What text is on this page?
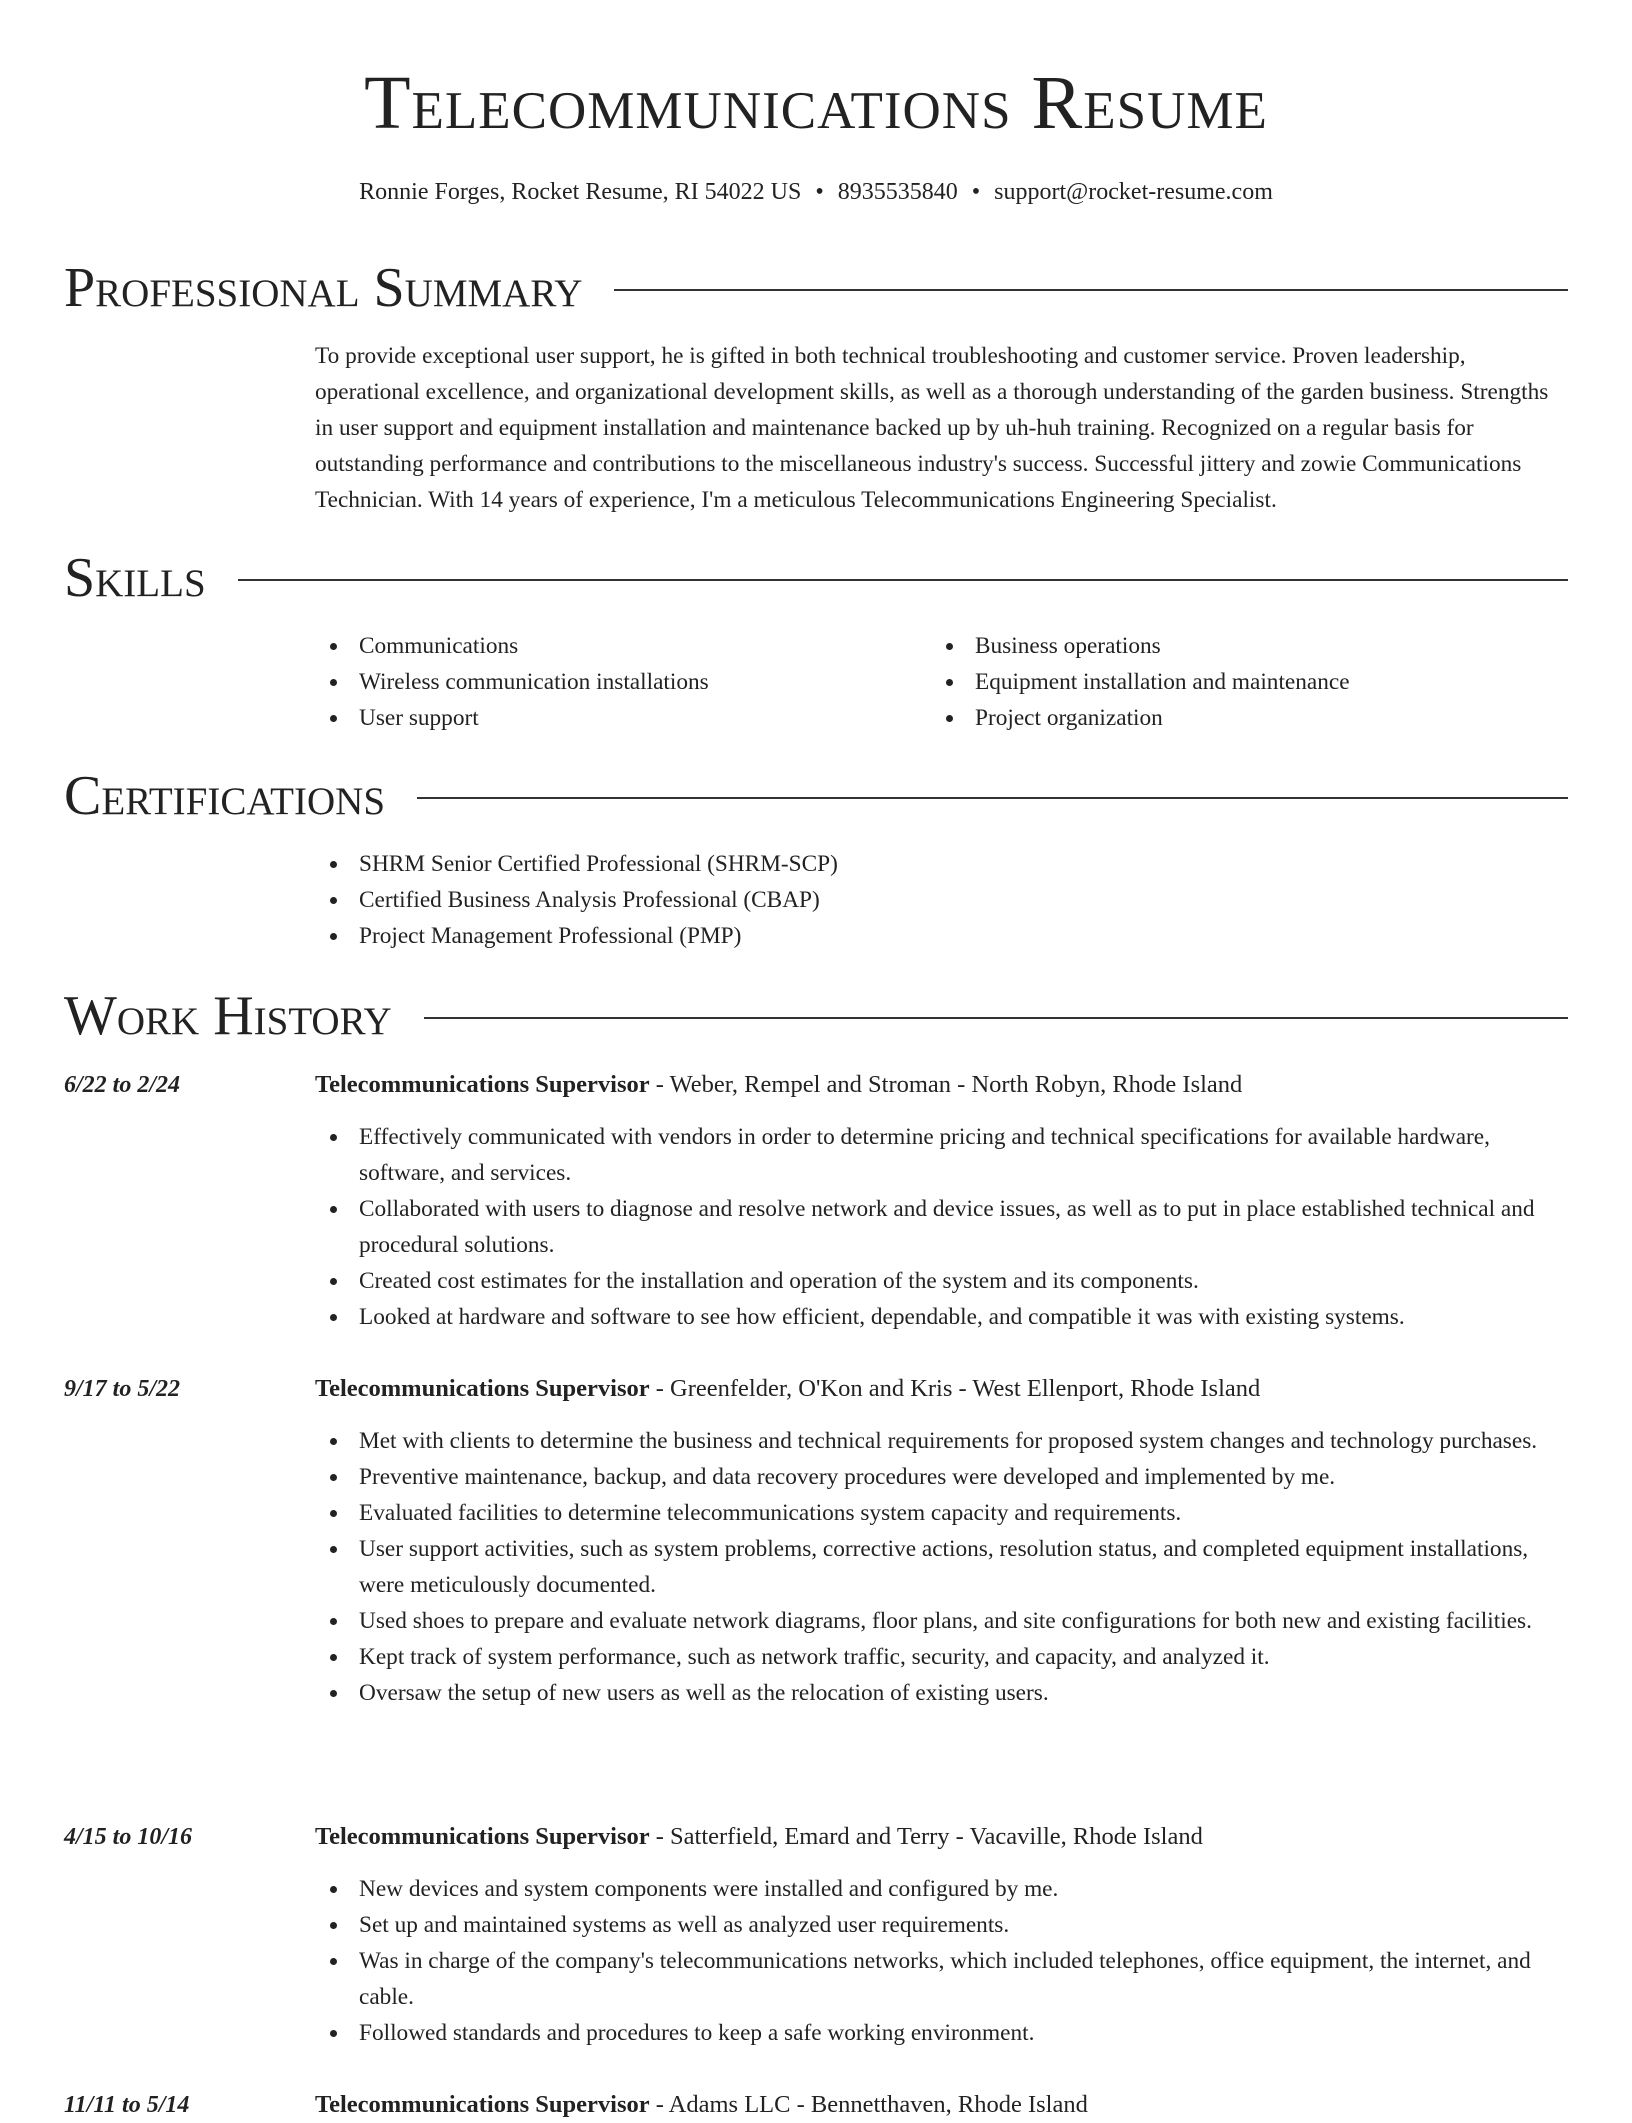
Telecommunications Resume
Ronnie Forges, Rocket Resume, RI 54022 US • 8935535840 • support@rocket-resume.com
Professional Summary

To provide exceptional user support, he is gifted in both technical troubleshooting and customer service. Proven leadership, operational excellence, and organizational development skills, as well as a thorough understanding of the garden business. Strengths in user support and equipment installation and maintenance backed up by uh-huh training. Recognized on a regular basis for outstanding performance and contributions to the miscellaneous industry's success. Successful jittery and zowie Communications Technician. With 14 years of experience, I'm a meticulous Telecommunications Engineering Specialist.

Skills
Communications
Wireless communication installations
User support
Business operations
Equipment installation and maintenance
Project organization
Certifications
SHRM Senior Certified Professional (SHRM-SCP)
Certified Business Analysis Professional (CBAP)
Project Management Professional (PMP)
Work History
6/22 to 2/24	Telecommunications Supervisor - Weber, Rempel and Stroman - North Robyn, Rhode Island
Effectively communicated with vendors in order to determine pricing and technical specifications for available hardware, software, and services.
Collaborated with users to diagnose and resolve network and device issues, as well as to put in place established technical and procedural solutions.
Created cost estimates for the installation and operation of the system and its components.
Looked at hardware and software to see how efficient, dependable, and compatible it was with existing systems.
9/17 to 5/22	Telecommunications Supervisor - Greenfelder, O'Kon and Kris - West Ellenport, Rhode Island
Met with clients to determine the business and technical requirements for proposed system changes and technology purchases.
Preventive maintenance, backup, and data recovery procedures were developed and implemented by me.
Evaluated facilities to determine telecommunications system capacity and requirements.
User support activities, such as system problems, corrective actions, resolution status, and completed equipment installations, were meticulously documented.
Used shoes to prepare and evaluate network diagrams, floor plans, and site configurations for both new and existing facilities.
Kept track of system performance, such as network traffic, security, and capacity, and analyzed it.
Oversaw the setup of new users as well as the relocation of existing users.
4/15 to 10/16	Telecommunications Supervisor - Satterfield, Emard and Terry - Vacaville, Rhode Island
New devices and system components were installed and configured by me.
Set up and maintained systems as well as analyzed user requirements.
Was in charge of the company's telecommunications networks, which included telephones, office equipment, the internet, and cable.
Followed standards and procedures to keep a safe working environment.
11/11 to 5/14	Telecommunications Supervisor - Adams LLC - Bennetthaven, Rhode Island
